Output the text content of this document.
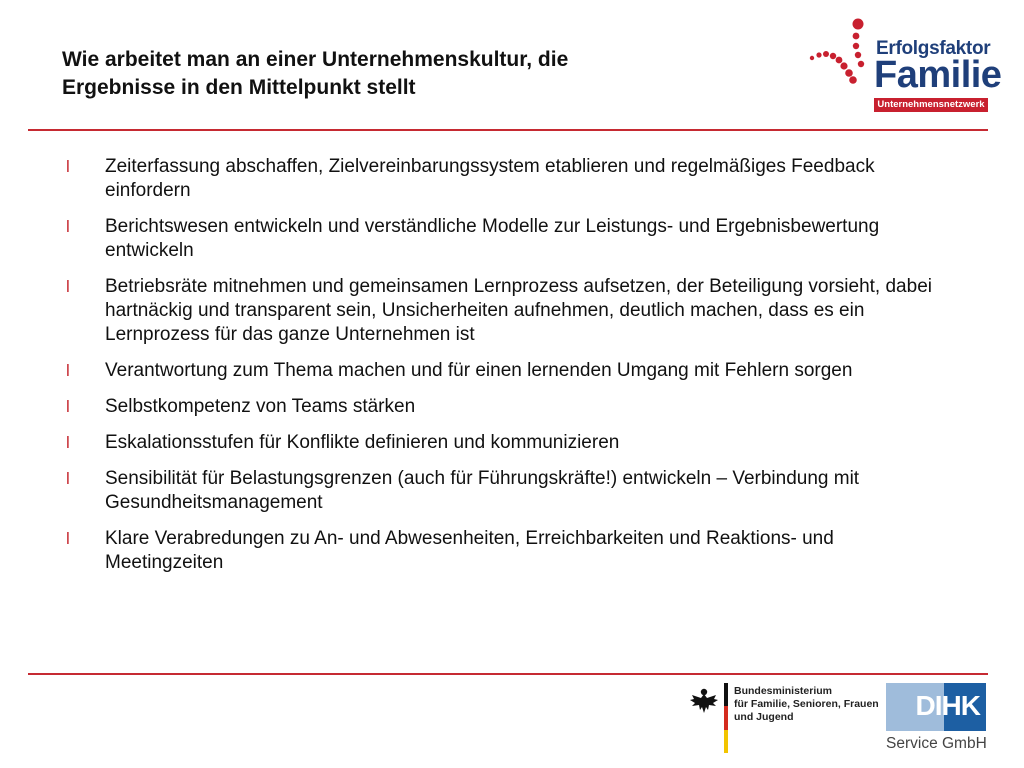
Wie arbeitet man an einer Unternehmenskultur, die
Ergebnisse in den Mittelpunkt stellt
Erfolgsfaktor
Familie
Unternehmensnetzwerk
l Zeiterfassung abschaffen, Zielvereinbarungssystem etablieren und regelmäßiges Feedback einfordern
l Berichtswesen entwickeln und verständliche Modelle zur Leistungs- und Ergebnisbewertung entwickeln
l Betriebsräte mitnehmen und gemeinsamen Lernprozess aufsetzen, der Beteiligung vorsieht, dabei hartnäckig und transparent sein, Unsicherheiten aufnehmen, deutlich machen, dass es ein Lernprozess für das ganze Unternehmen ist
l Verantwortung zum Thema machen und für einen lernenden Umgang mit Fehlern sorgen
l Selbstkompetenz von Teams stärken
l Eskalationsstufen für Konflikte definieren und kommunizieren
l Sensibilität für Belastungsgrenzen (auch für Führungskräfte!) entwickeln – Verbindung mit Gesundheitsmanagement
l Klare Verabredungen zu An- und Abwesenheiten, Erreichbarkeiten und Reaktions- und Meetingzeiten
Bundesministerium
für Familie, Senioren, Frauen
und Jugend	DIHK
Service GmbH
